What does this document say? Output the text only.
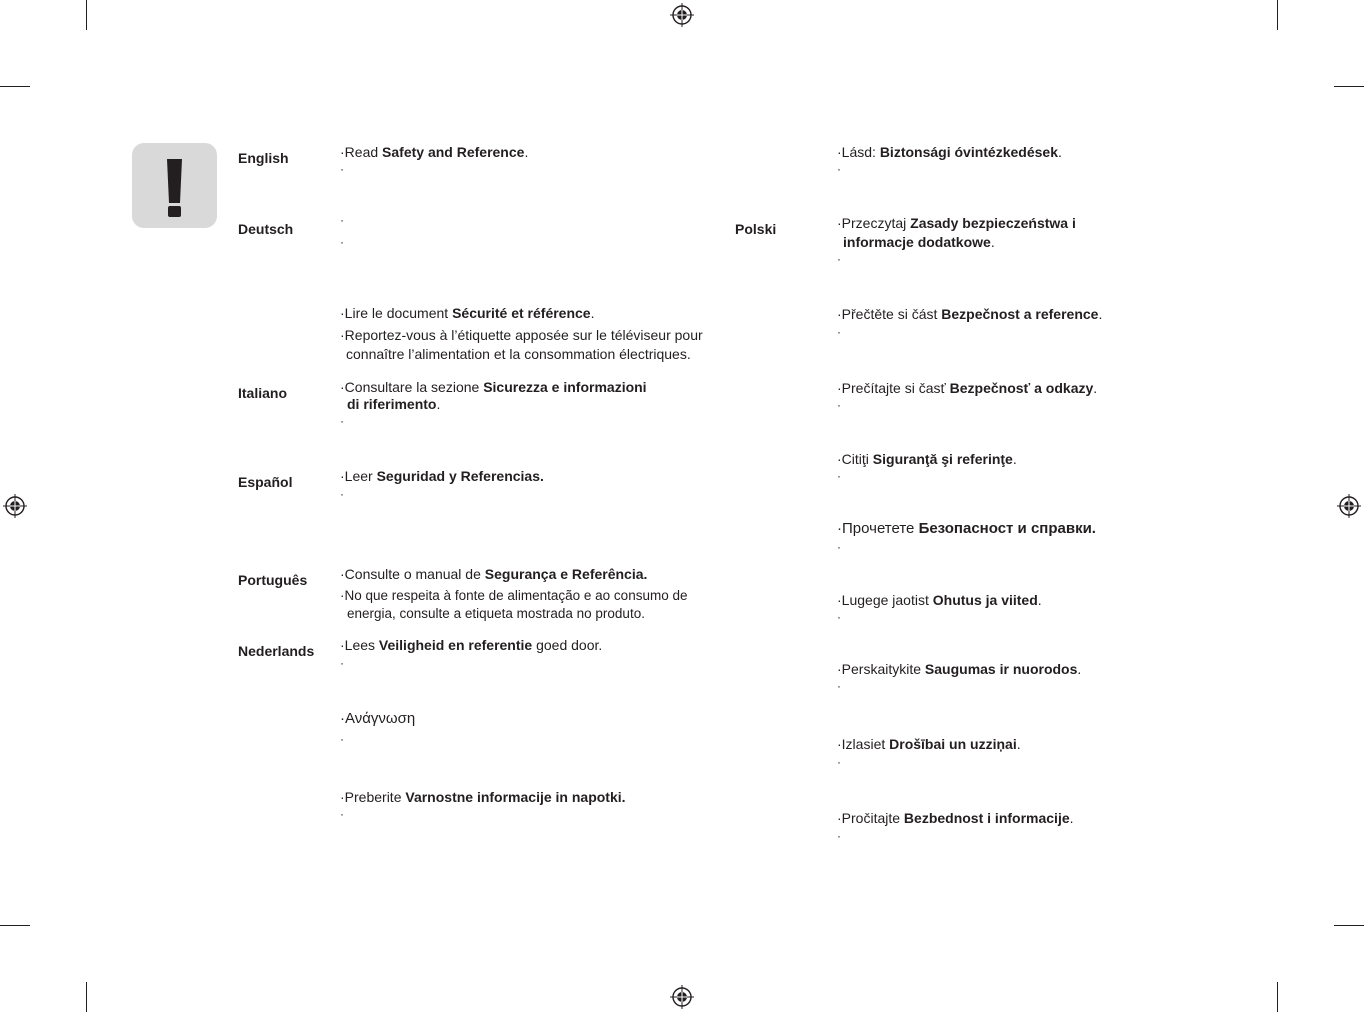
English	·Read Safety and Reference.
·
Deutsch
·
·
·Lire le document Sécurité et référence.
·Reportez-vous à l’étiquette apposée sur le téléviseur pour
connaître l’alimentation et la consommation électriques.
Italiano	·Consultare la sezione Sicurezza e informazioni
di riferimento.
·
Español	·Leer Seguridad y Referencias.
·
Português ·Consulte o manual de Segurança e Referência.
·No que respeita à fonte de alimentação e ao consumo de
energia, consulte a etiqueta mostrada no produto.
Nederlands ·Lees Veiligheid en referentie goed door.
·
·Ανάγνωση
·
·Preberite Varnostne informacije in napotki.
·
·Lásd: Biztonsági óvintézkedések.
·
Polski	·Przeczytaj Zasady bezpieczeństwa i
informacje dodatkowe.
·
·Přečtěte si část Bezpečnost a reference.
·
·Prečítajte si časť Bezpečnosť a odkazy.
·
·Citiţi Siguranţă şi referinţe.
·
·Прочетете Безопасност и справки.
·
·Lugege jaotist Ohutus ja viited.
·
·Perskaitykite Saugumas ir nuorodos.
·
·Izlasiet Drošībai un uzziņai.
·
·Pročitajte Bezbednost i informacije.
·
